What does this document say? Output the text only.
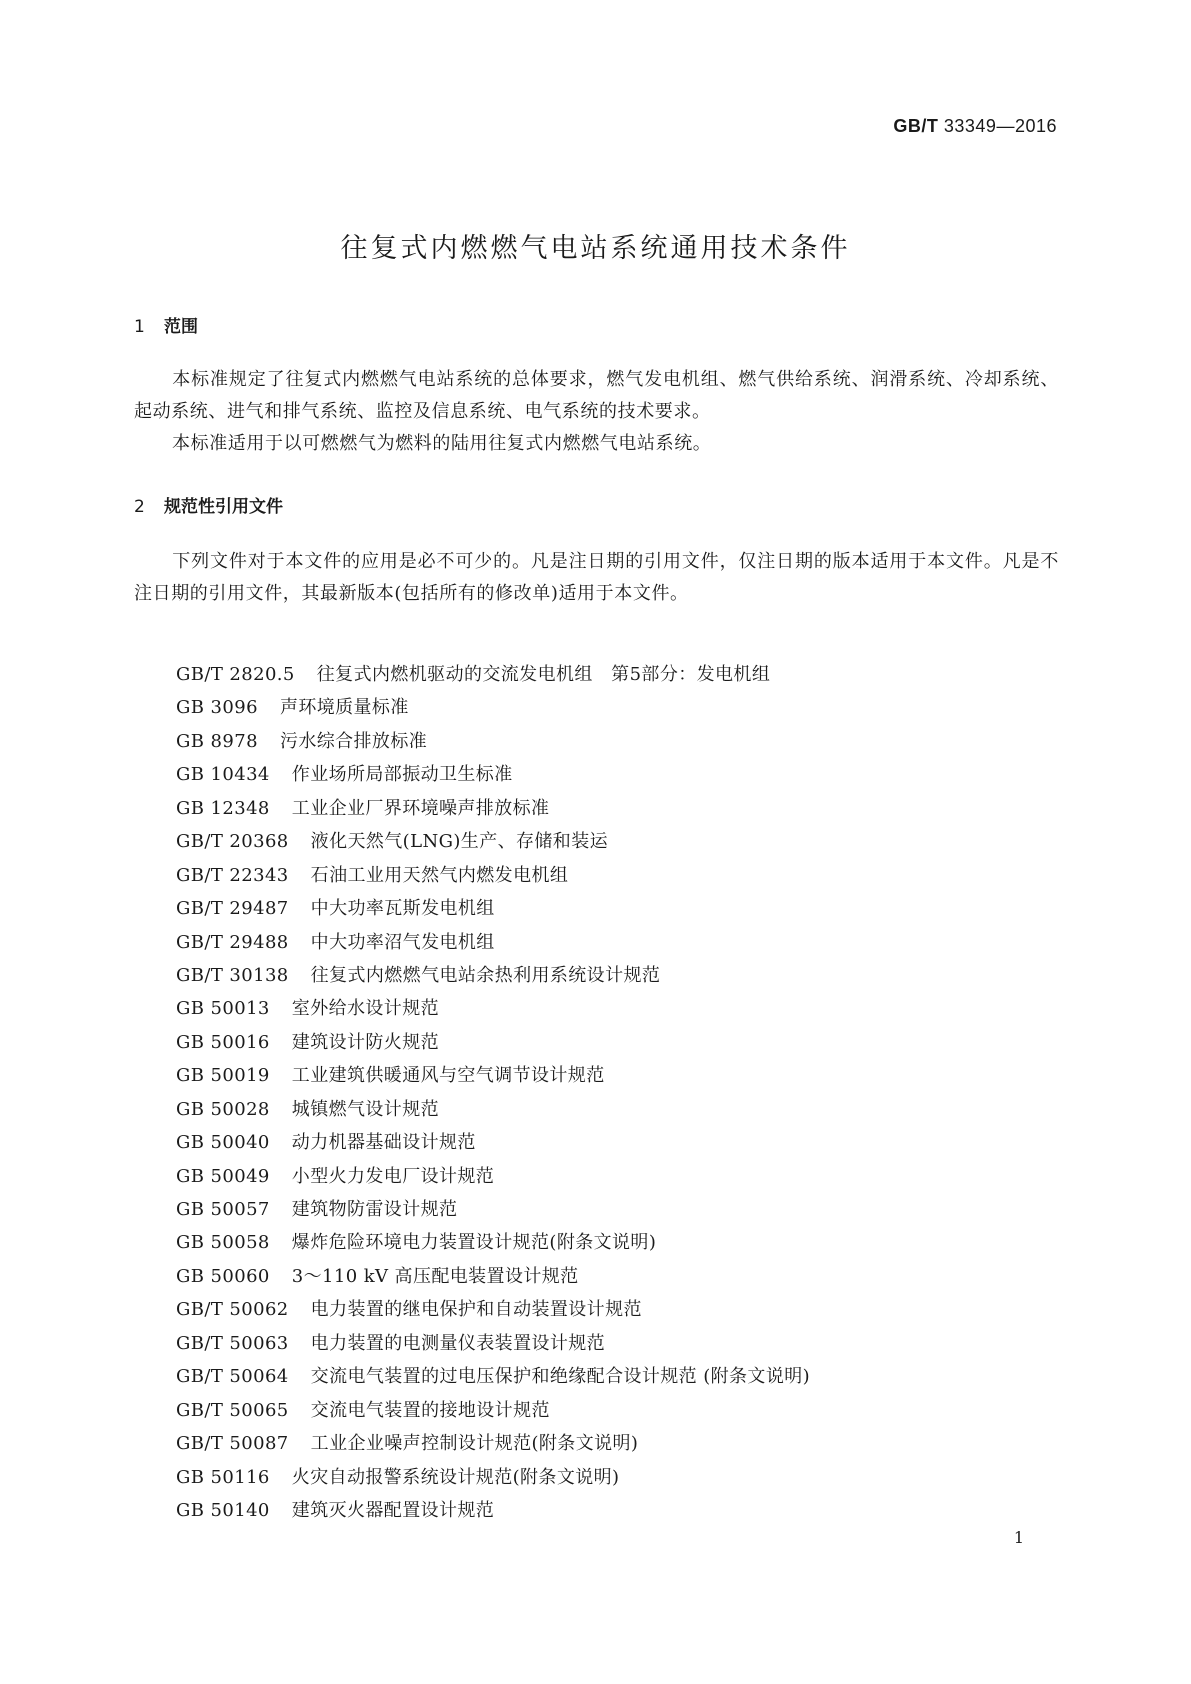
GB/T 33349—2016
往复式内燃燃气电站系统通用技术条件
1 范围
本标准规定了往复式内燃燃气电站系统的总体要求，燃气发电机组、燃气供给系统、润滑系统、冷却系统、起动系统、进气和排气系统、监控及信息系统、电气系统的技术要求。
本标准适用于以可燃燃气为燃料的陆用往复式内燃燃气电站系统。
2 规范性引用文件
下列文件对于本文件的应用是必不可少的。凡是注日期的引用文件，仅注日期的版本适用于本文件。凡是不注日期的引用文件，其最新版本(包括所有的修改单)适用于本文件。
GB/T 2820.5 往复式内燃机驱动的交流发电机组　第5部分：发电机组
GB 3096 声环境质量标准
GB 8978 污水综合排放标准
GB 10434 作业场所局部振动卫生标准
GB 12348 工业企业厂界环境噪声排放标准
GB/T 20368 液化天然气(LNG)生产、存储和装运
GB/T 22343 石油工业用天然气内燃发电机组
GB/T 29487 中大功率瓦斯发电机组
GB/T 29488 中大功率沼气发电机组
GB/T 30138 往复式内燃燃气电站余热利用系统设计规范
GB 50013 室外给水设计规范
GB 50016 建筑设计防火规范
GB 50019 工业建筑供暖通风与空气调节设计规范
GB 50028 城镇燃气设计规范
GB 50040 动力机器基础设计规范
GB 50049 小型火力发电厂设计规范
GB 50057 建筑物防雷设计规范
GB 50058 爆炸危险环境电力装置设计规范(附条文说明)
GB 50060 3～110 kV 高压配电装置设计规范
GB/T 50062 电力装置的继电保护和自动装置设计规范
GB/T 50063 电力装置的电测量仪表装置设计规范
GB/T 50064 交流电气装置的过电压保护和绝缘配合设计规范 (附条文说明)
GB/T 50065 交流电气装置的接地设计规范
GB/T 50087 工业企业噪声控制设计规范(附条文说明)
GB 50116 火灾自动报警系统设计规范(附条文说明)
GB 50140 建筑灭火器配置设计规范
1
